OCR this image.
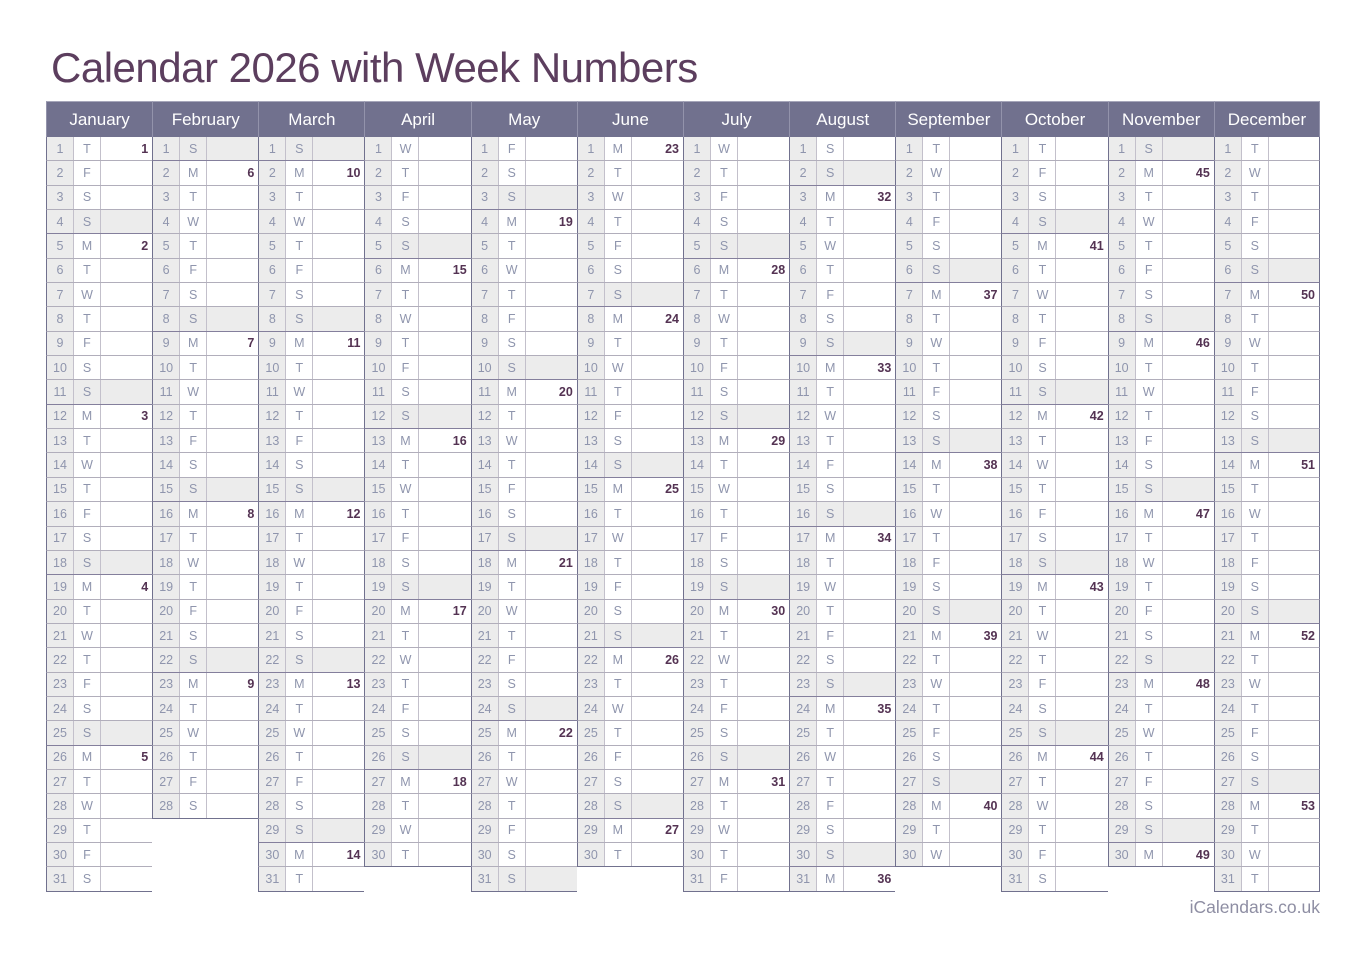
Calendar 2026 with Week Numbers
January
1	T	1
2	F
3	S
4	S
5	M	2
6	T
7	W
8	T
9	F
10	S
11	S
12	M	3
13	T
14	W
15	T
16	F
17	S
18	S
19	M	4
20	T
21	W
22	T
23	F
24	S
25	S
26	M	5
27	T
28	W
29	T
30	F
31	S
February
1	S
2	M	6
3	T
4	W
5	T
6	F
7	S
8	S
9	M	7
10	T
11	W
12	T
13	F
14	S
15	S
16	M	8
17	T
18	W
19	T
20	F
21	S
22	S
23	M	9
24	T
25	W
26	T
27	F
28	S
March
1	S
2	M	10
3	T
4	W
5	T
6	F
7	S
8	S
9	M	11
10	T
11	W
12	T
13	F
14	S
15	S
16	M	12
17	T
18	W
19	T
20	F
21	S
22	S
23	M	13
24	T
25	W
26	T
27	F
28	S
29	S
30	M	14
31	T
April
1	W
2	T
3	F
4	S
5	S
6	M	15
7	T
8	W
9	T
10	F
11	S
12	S
13	M	16
14	T
15	W
16	T
17	F
18	S
19	S
20	M	17
21	T
22	W
23	T
24	F
25	S
26	S
27	M	18
28	T
29	W
30	T
May
1	F
2	S
3	S
4	M	19
5	T
6	W
7	T
8	F
9	S
10	S
11	M	20
12	T
13	W
14	T
15	F
16	S
17	S
18	M	21
19	T
20	W
21	T
22	F
23	S
24	S
25	M	22
26	T
27	W
28	T
29	F
30	S
31	S
June
1	M	23
2	T
3	W
4	T
5	F
6	S
7	S
8	M	24
9	T
10	W
11	T
12	F
13	S
14	S
15	M	25
16	T
17	W
18	T
19	F
20	S
21	S
22	M	26
23	T
24	W
25	T
26	F
27	S
28	S
29	M	27
30	T
July
1	W
2	T
3	F
4	S
5	S
6	M	28
7	T
8	W
9	T
10	F
11	S
12	S
13	M	29
14	T
15	W
16	T
17	F
18	S
19	S
20	M	30
21	T
22	W
23	T
24	F
25	S
26	S
27	M	31
28	T
29	W
30	T
31	F
August
1	S
2	S
3	M	32
4	T
5	W
6	T
7	F
8	S
9	S
10	M	33
11	T
12	W
13	T
14	F
15	S
16	S
17	M	34
18	T
19	W
20	T
21	F
22	S
23	S
24	M	35
25	T
26	W
27	T
28	F
29	S
30	S
31	M	36
September
1	T
2	W
3	T
4	F
5	S
6	S
7	M	37
8	T
9	W
10	T
11	F
12	S
13	S
14	M	38
15	T
16	W
17	T
18	F
19	S
20	S
21	M	39
22	T
23	W
24	T
25	F
26	S
27	S
28	M	40
29	T
30	W
October
1	T
2	F
3	S
4	S
5	M	41
6	T
7	W
8	T
9	F
10	S
11	S
12	M	42
13	T
14	W
15	T
16	F
17	S
18	S
19	M	43
20	T
21	W
22	T
23	F
24	S
25	S
26	M	44
27	T
28	W
29	T
30	F
31	S
November
1	S
2	M	45
3	T
4	W
5	T
6	F
7	S
8	S
9	M	46
10	T
11	W
12	T
13	F
14	S
15	S
16	M	47
17	T
18	W
19	T
20	F
21	S
22	S
23	M	48
24	T
25	W
26	T
27	F
28	S
29	S
30	M	49
December
1	T
2	W
3	T
4	F
5	S
6	S
7	M	50
8	T
9	W
10	T
11	F
12	S
13	S
14	M	51
15	T
16	W
17	T
18	F
19	S
20	S
21	M	52
22	T
23	W
24	T
25	F
26	S
27	S
28	M	53
29	T
30	W
31	T
iCalendars.co.uk
